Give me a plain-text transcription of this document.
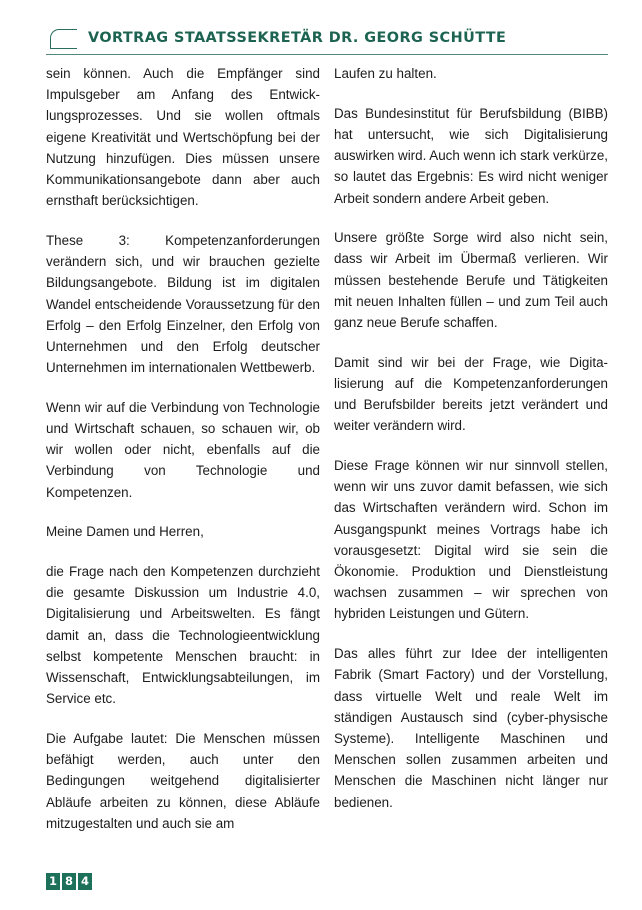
VORTRAG STAATSSEKRETÄR DR. GEORG SCHÜTTE

sein können. Auch die Empfänger sind Impulsgeber am Anfang des Entwicklungsprozesses. Und sie wollen oftmals eigene Kreativität und Wertschöpfung bei der Nutzung hinzufügen. Dies müssen unsere Kommunikationsangebote dann aber auch ernsthaft berücksichtigen.

These 3: Kompetenzanforderungen verändern sich, und wir brauchen gezielte Bildungsangebote. Bildung ist im digitalen Wandel entscheidende Voraussetzung für den Erfolg – den Erfolg Einzelner, den Erfolg von Unternehmen und den Erfolg deutscher Unternehmen im internationalen Wettbewerb.

Wenn wir auf die Verbindung von Technologie und Wirtschaft schauen, so schauen wir, ob wir wollen oder nicht, ebenfalls auf die Verbindung von Technologie und Kompetenzen.

Meine Damen und Herren,

die Frage nach den Kompetenzen durchzieht die gesamte Diskussion um Industrie 4.0, Digitalisierung und Arbeitswelten. Es fängt damit an, dass die Technologieentwicklung selbst kompetente Menschen braucht: in Wissenschaft, Entwicklungsabteilungen, im Service etc.

Die Aufgabe lautet: Die Menschen müssen befähigt werden, auch unter den Bedingungen weitgehend digitalisierter Abläufe arbeiten zu können, diese Abläufe mitzugestalten und auch sie am

Laufen zu halten.

Das Bundesinstitut für Berufsbildung (BIBB) hat untersucht, wie sich Digitalisierung auswirken wird. Auch wenn ich stark verkürze, so lautet das Ergebnis: Es wird nicht weniger Arbeit sondern andere Arbeit geben.

Unsere größte Sorge wird also nicht sein, dass wir Arbeit im Übermaß verlieren. Wir müssen bestehende Berufe und Tätigkeiten mit neuen Inhalten füllen – und zum Teil auch ganz neue Berufe schaffen.

Damit sind wir bei der Frage, wie Digitalisierung auf die Kompetenzanforderungen und Berufsbilder bereits jetzt verändert und weiter verändern wird.

Diese Frage können wir nur sinnvoll stellen, wenn wir uns zuvor damit befassen, wie sich das Wirtschaften verändern wird. Schon im Ausgangspunkt meines Vortrags habe ich vorausgesetzt: Digital wird sie sein die Ökonomie. Produktion und Dienstleistung wachsen zusammen – wir sprechen von hybriden Leistungen und Gütern.

Das alles führt zur Idee der intelligenten Fabrik (Smart Factory) und der Vorstellung, dass virtuelle Welt und reale Welt im ständigen Austausch sind (cyber-physische Systeme). Intelligente Maschinen und Menschen sollen zusammen arbeiten und Menschen die Maschinen nicht länger nur bedienen.

1 8 4
